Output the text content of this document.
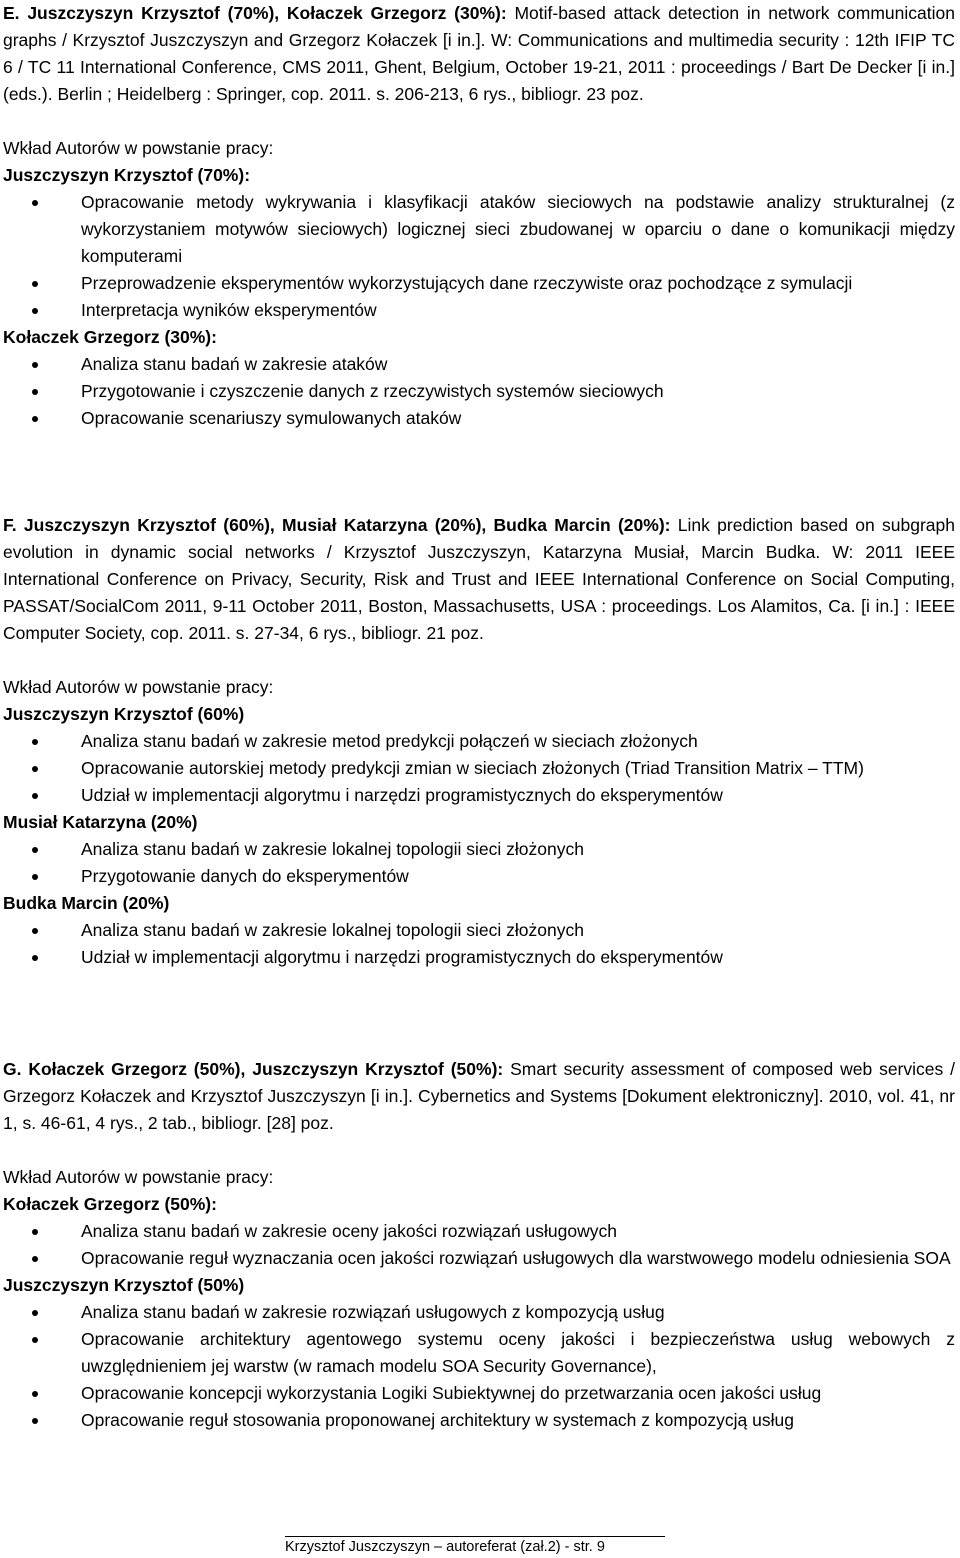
E. Juszczyszyn Krzysztof (70%), Kołaczek Grzegorz (30%): Motif-based attack detection in network communication graphs / Krzysztof Juszczyszyn and Grzegorz Kołaczek [i in.]. W: Communications and multimedia security : 12th IFIP TC 6 / TC 11 International Conference, CMS 2011, Ghent, Belgium, October 19-21, 2011 : proceedings / Bart De Decker [i in.] (eds.). Berlin ; Heidelberg : Springer, cop. 2011. s. 206-213, 6 rys., bibliogr. 23 poz.

Wkład Autorów w powstanie pracy:

Juszczyszyn Krzysztof (70%):

Opracowanie metody wykrywania i klasyfikacji ataków sieciowych na podstawie analizy strukturalnej (z wykorzystaniem motywów sieciowych) logicznej sieci zbudowanej w oparciu o dane o komunikacji między komputerami
Przeprowadzenie eksperymentów wykorzystujących dane rzeczywiste oraz pochodzące z symulacji
Interpretacja wyników eksperymentów

Kołaczek Grzegorz (30%):

Analiza stanu badań w zakresie ataków
Przygotowanie i czyszczenie danych z rzeczywistych systemów sieciowych
Opracowanie scenariuszy symulowanych ataków

F. Juszczyszyn Krzysztof (60%), Musiał Katarzyna (20%), Budka Marcin (20%): Link prediction based on subgraph evolution in dynamic social networks / Krzysztof Juszczyszyn, Katarzyna Musiał, Marcin Budka. W: 2011 IEEE International Conference on Privacy, Security, Risk and Trust and IEEE International Conference on Social Computing, PASSAT/SocialCom 2011, 9-11 October 2011, Boston, Massachusetts, USA : proceedings. Los Alamitos, Ca. [i in.] : IEEE Computer Society, cop. 2011. s. 27-34, 6 rys., bibliogr. 21 poz.

Wkład Autorów w powstanie pracy:

Juszczyszyn Krzysztof (60%)

Analiza stanu badań w zakresie metod predykcji połączeń w sieciach złożonych
Opracowanie autorskiej metody predykcji zmian w sieciach złożonych (Triad Transition Matrix – TTM)
Udział w implementacji algorytmu i narzędzi programistycznych do eksperymentów

Musiał Katarzyna (20%)

Analiza stanu badań w zakresie lokalnej topologii sieci złożonych
Przygotowanie danych do eksperymentów

Budka Marcin (20%)

Analiza stanu badań w zakresie lokalnej topologii sieci złożonych
Udział w implementacji algorytmu i narzędzi programistycznych do eksperymentów

G. Kołaczek Grzegorz (50%), Juszczyszyn Krzysztof (50%): Smart security assessment of composed web services / Grzegorz Kołaczek and Krzysztof Juszczyszyn [i in.]. Cybernetics and Systems [Dokument elektroniczny]. 2010, vol. 41, nr 1, s. 46-61, 4 rys., 2 tab., bibliogr. [28] poz.

Wkład Autorów w powstanie pracy:

Kołaczek Grzegorz (50%):

Analiza stanu badań w zakresie oceny jakości rozwiązań usługowych
Opracowanie reguł wyznaczania ocen jakości rozwiązań usługowych dla warstwowego modelu odniesienia SOA

Juszczyszyn Krzysztof (50%)

Analiza stanu badań w zakresie rozwiązań usługowych z kompozycją usług
Opracowanie architektury agentowego systemu oceny jakości i bezpieczeństwa usług webowych z uwzględnieniem jej warstw (w ramach modelu SOA Security Governance),
Opracowanie koncepcji wykorzystania Logiki Subiektywnej do przetwarzania ocen jakości usług
Opracowanie reguł stosowania proponowanej architektury w systemach z kompozycją usług
Krzysztof Juszczyszyn – autoreferat (zał.2) - str. 9
